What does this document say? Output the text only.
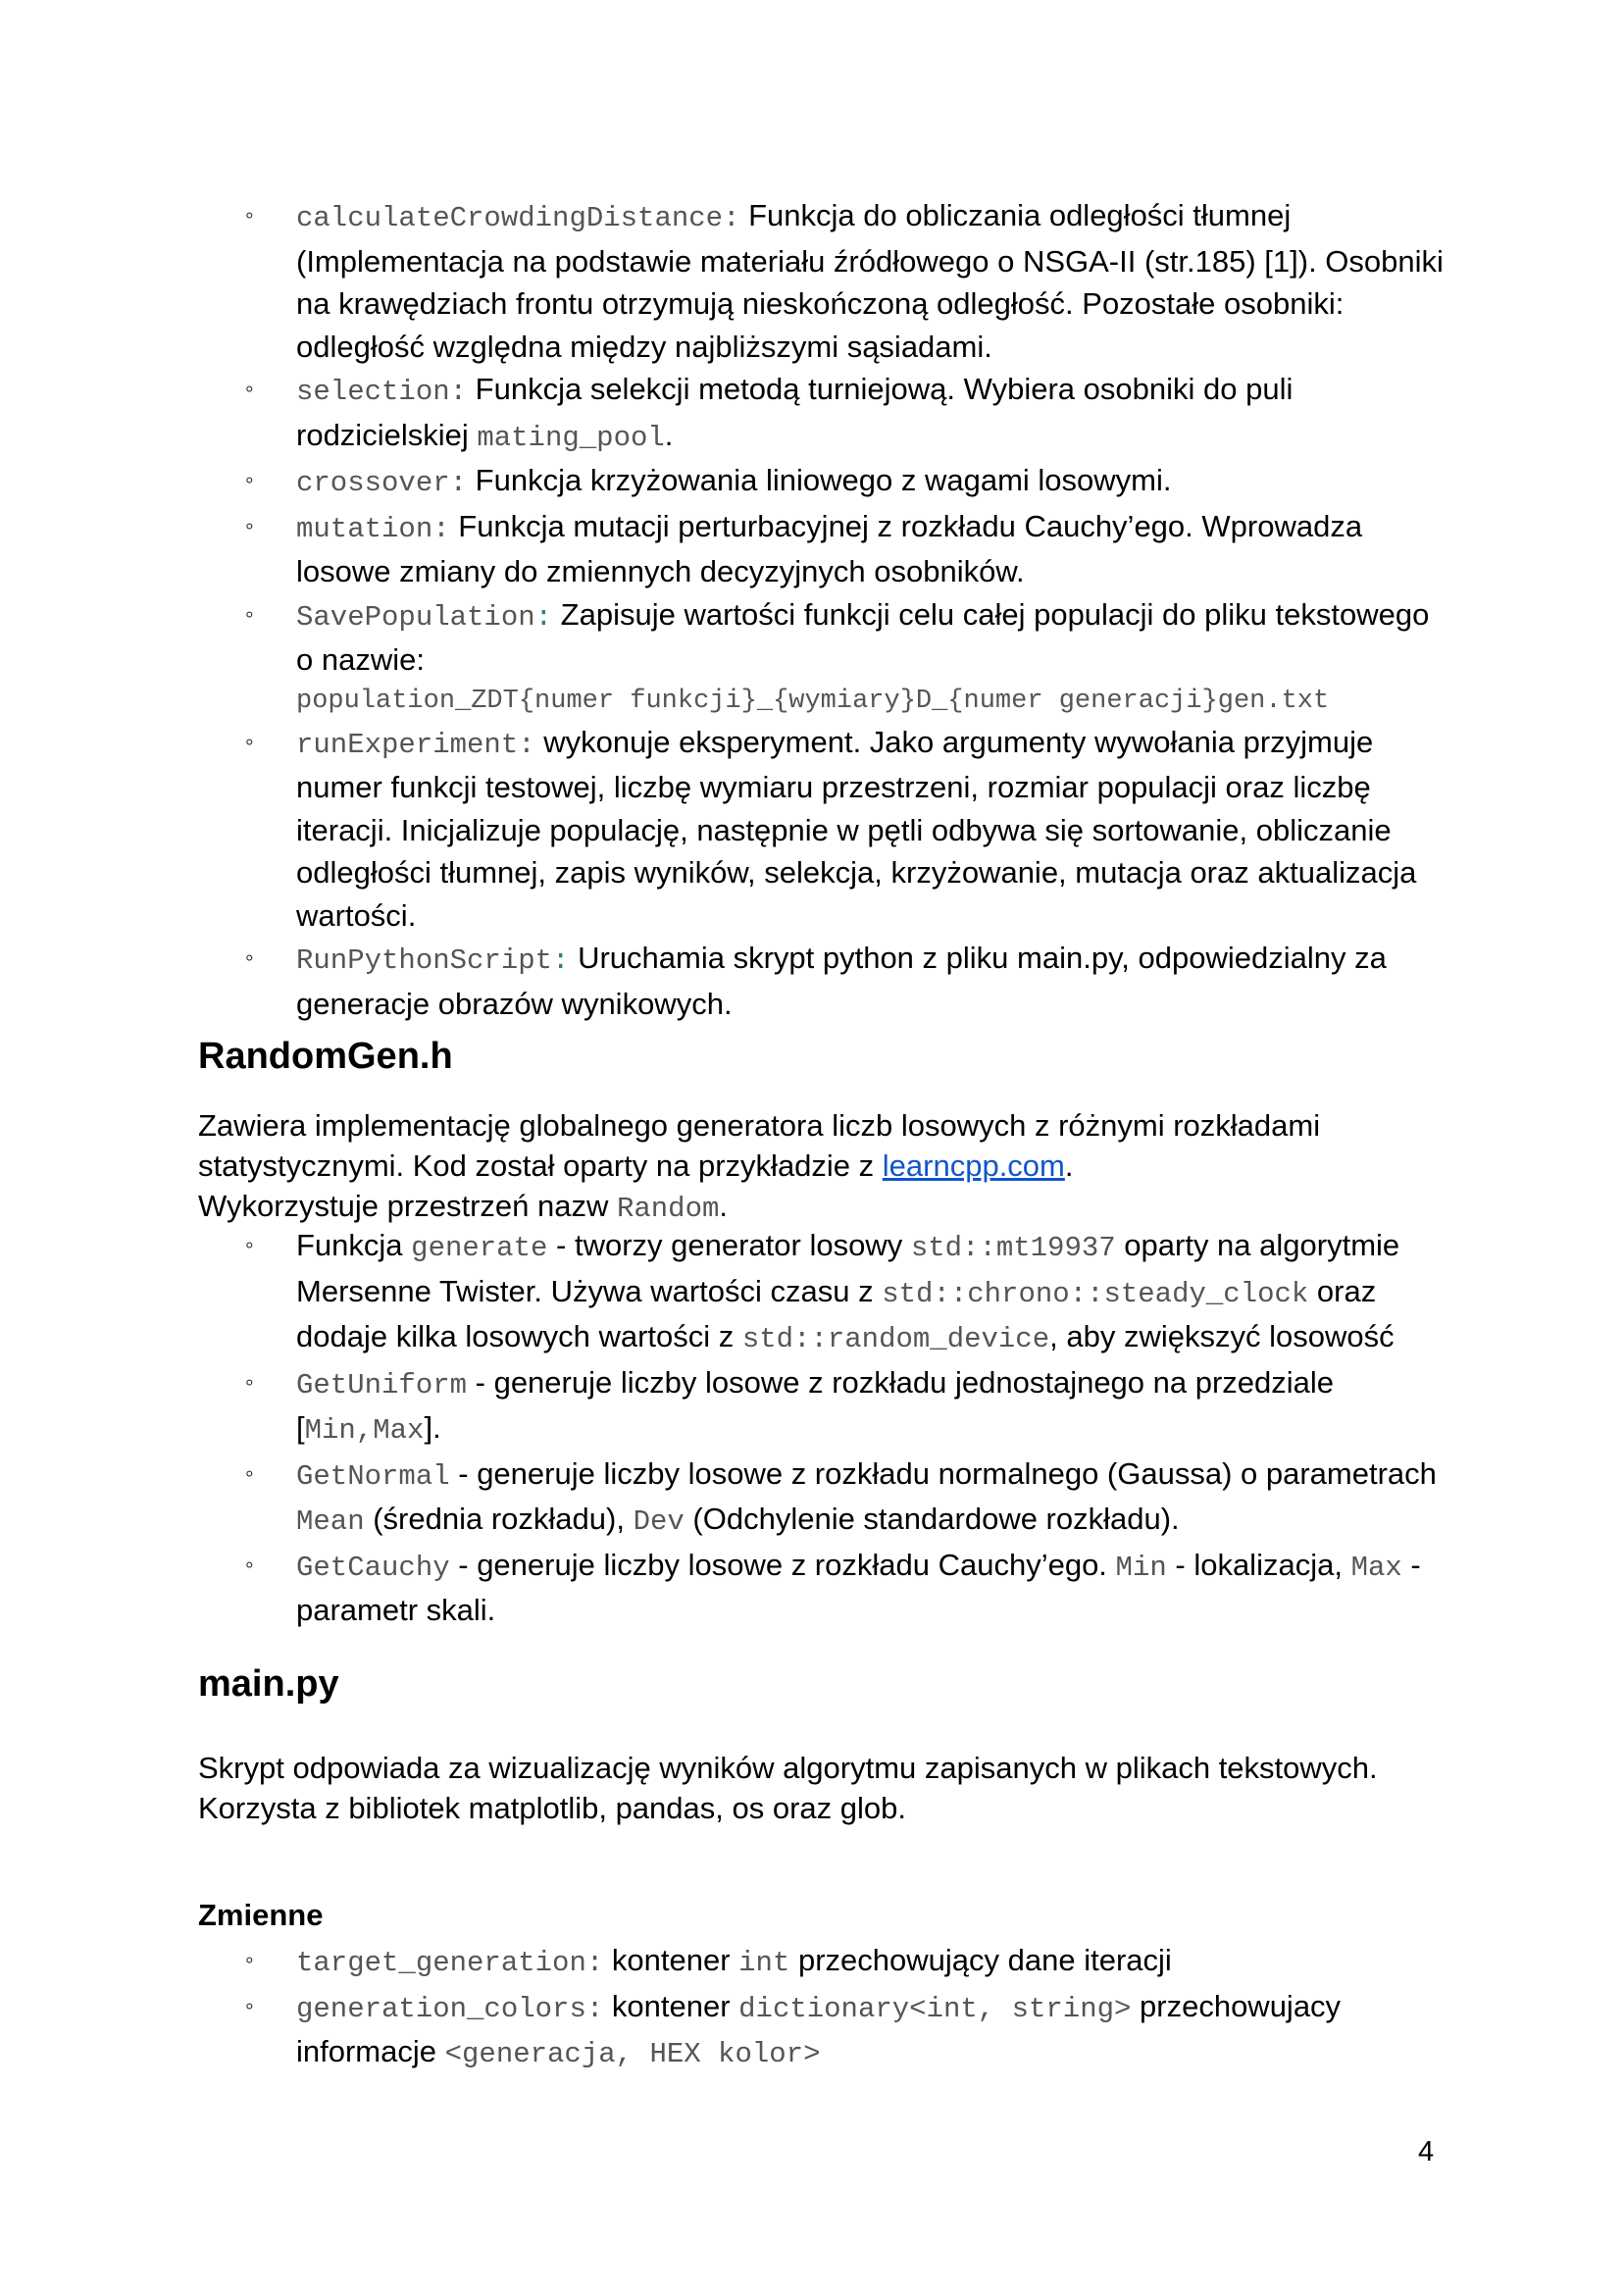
◦ calculateCrowdingDistance: Funkcja do obliczania odległości tłumnej (Implementacja na podstawie materiału źródłowego o NSGA-II (str.185) [1]). Osobniki na krawędziach frontu otrzymują nieskończoną odległość. Pozostałe osobniki: odległość względna między najbliższymi sąsiadami.
◦ selection: Funkcja selekcji metodą turniejową. Wybiera osobniki do puli rodzicielskiej mating_pool.
◦ crossover: Funkcja krzyżowania liniowego z wagami losowymi.
◦ mutation: Funkcja mutacji perturbacyjnej z rozkładu Cauchy’ego. Wprowadza losowe zmiany do zmiennych decyzyjnych osobników.
◦ SavePopulation: Zapisuje wartości funkcji celu całej populacji do pliku tekstowego o nazwie:
population_ZDT{numer funkcji}_{wymiary}D_{numer generacji}gen.txt
◦ runExperiment: wykonuje eksperyment. Jako argumenty wywołania przyjmuje numer funkcji testowej, liczbę wymiaru przestrzeni, rozmiar populacji oraz liczbę iteracji. Inicjalizuje populację, następnie w pętli odbywa się sortowanie, obliczanie odległości tłumnej, zapis wyników, selekcja, krzyżowanie, mutacja oraz aktualizacja wartości.
◦ RunPythonScript: Uruchamia skrypt python z pliku main.py, odpowiedzialny za generacje obrazów wynikowych.
RandomGen.h

Zawiera implementację globalnego generatora liczb losowych z różnymi rozkładami statystycznymi. Kod został oparty na przykładzie z learncpp.com.
Wykorzystuje przestrzeń nazw Random.

◦ Funkcja generate - tworzy generator losowy std::mt19937 oparty na algorytmie Mersenne Twister. Używa wartości czasu z std::chrono::steady_clock oraz dodaje kilka losowych wartości z std::random_device, aby zwiększyć losowość
◦ GetUniform - generuje liczby losowe z rozkładu jednostajnego na przedziale [Min,Max].
◦ GetNormal - generuje liczby losowe z rozkładu normalnego (Gaussa) o parametrach Mean (średnia rozkładu), Dev (Odchylenie standardowe rozkładu).
◦ GetCauchy - generuje liczby losowe z rozkładu Cauchy’ego. Min - lokalizacja, Max - parametr skali.
main.py

Skrypt odpowiada za wizualizację wyników algorytmu zapisanych w plikach tekstowych. Korzysta z bibliotek matplotlib, pandas, os oraz glob.

Zmienne
◦ target_generation: kontener int przechowujący dane iteracji
◦ generation_colors: kontener dictionary<int, string> przechowujacy informacje <generacja, HEX kolor>
4
